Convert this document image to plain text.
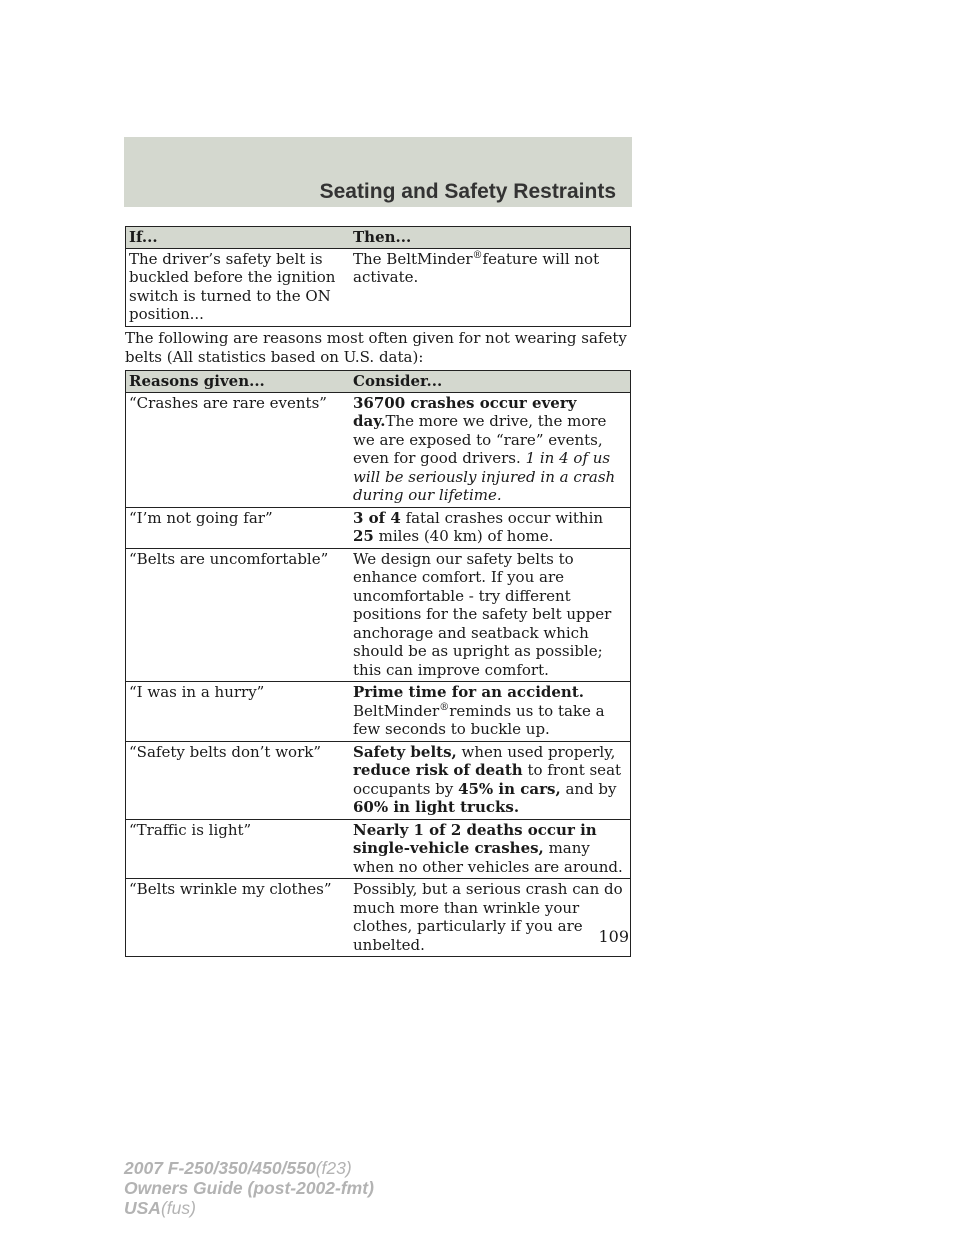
Seating and Safety Restraints
If...	Then...
The driver’s safety belt is buckled before the ignition switch is turned to the ON position...	The BeltMinder®feature will not activate.

The following are reasons most often given for not wearing safety belts (All statistics based on U.S. data):

Reasons given...	Consider...
“Crashes are rare events”	36700 crashes occur every day.The more we drive, the more we are exposed to “rare” events, even for good drivers. 1 in 4 of us will be seriously injured in a crash during our lifetime.
“I’m not going far”	3 of 4 fatal crashes occur within
25 miles (40 km) of home.
“Belts are uncomfortable”	We design our safety belts to enhance comfort. If you are uncomfortable - try different positions for the safety belt upper anchorage and seatback which should be as upright as possible; this can improve comfort.
“I was in a hurry”	Prime time for an accident.
BeltMinder®reminds us to take a few seconds to buckle up.
“Safety belts don’t work”	Safety belts, when used properly,
reduce risk of death to front seat occupants by 45% in cars, and by
60% in light trucks.
“Traffic is light”	Nearly 1 of 2 deaths occur in single-vehicle crashes, many when no other vehicles are around.
“Belts wrinkle my clothes”	Possibly, but a serious crash can do much more than wrinkle your clothes, particularly if you are unbelted.	109
2007 F-250/350/450/550(f23)
Owners Guide (post-2002-fmt)
USA(fus)
